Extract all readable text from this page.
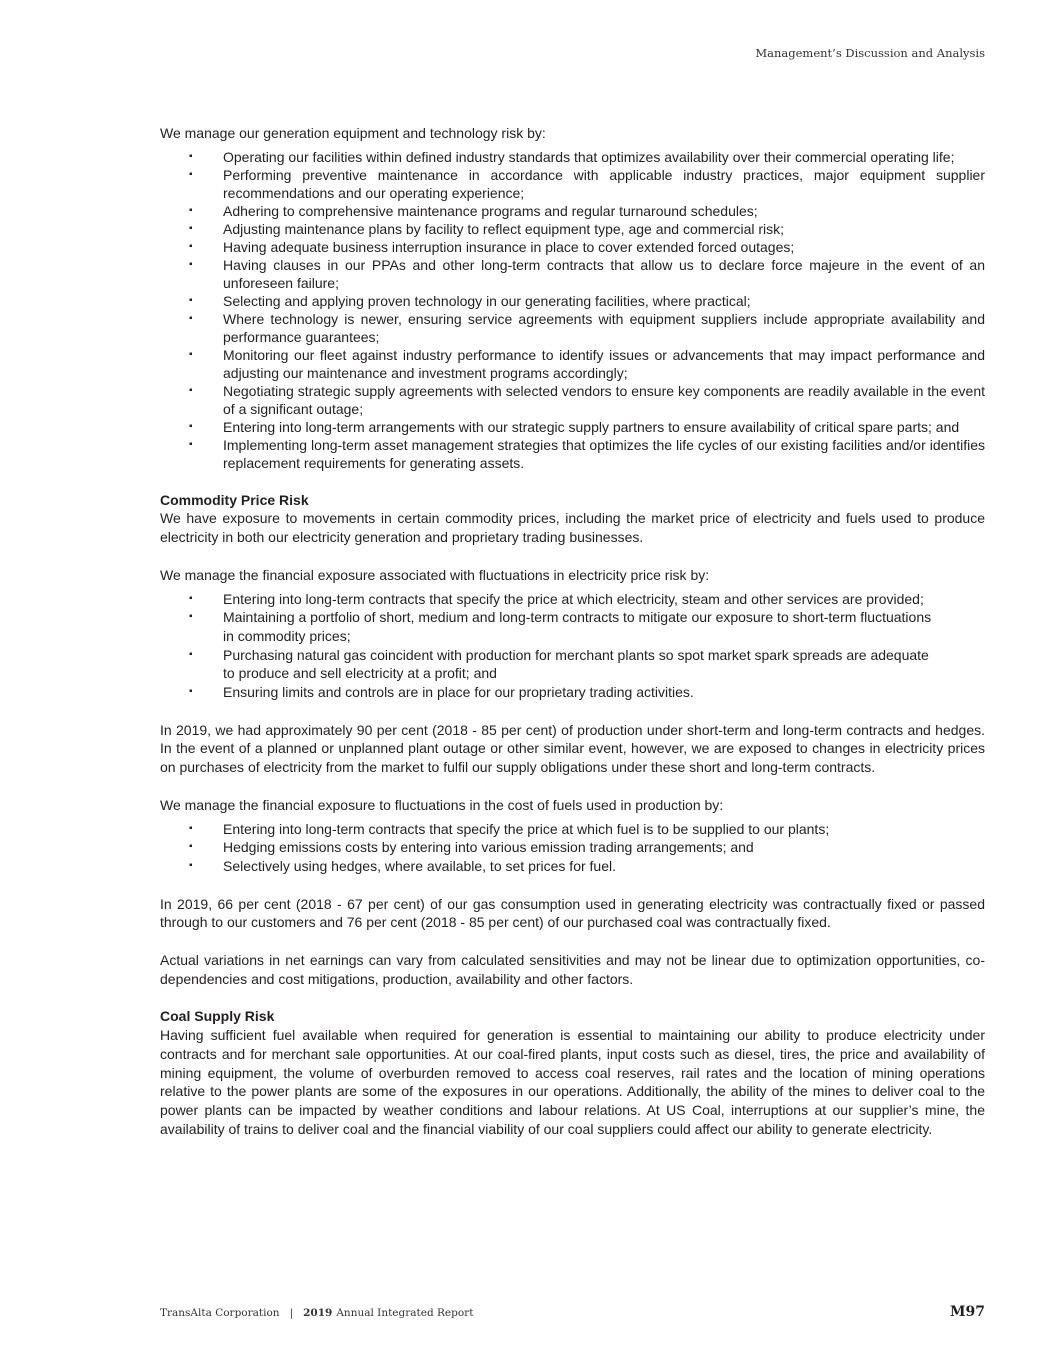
Management’s Discussion and Analysis

We manage our generation equipment and technology risk by:

▪ Operating our facilities within defined industry standards that optimizes availability over their commercial operating life;
▪ Performing preventive maintenance in accordance with applicable industry practices, major equipment supplier recommendations and our operating experience;
▪ Adhering to comprehensive maintenance programs and regular turnaround schedules;
▪ Adjusting maintenance plans by facility to reflect equipment type, age and commercial risk;
▪ Having adequate business interruption insurance in place to cover extended forced outages;
▪ Having clauses in our PPAs and other long-term contracts that allow us to declare force majeure in the event of an unforeseen failure;
▪ Selecting and applying proven technology in our generating facilities, where practical;
▪ Where technology is newer, ensuring service agreements with equipment suppliers include appropriate availability and performance guarantees;
▪ Monitoring our fleet against industry performance to identify issues or advancements that may impact performance and adjusting our maintenance and investment programs accordingly;
▪ Negotiating strategic supply agreements with selected vendors to ensure key components are readily available in the event of a significant outage;
▪ Entering into long-term arrangements with our strategic supply partners to ensure availability of critical spare parts; and
▪ Implementing long-term asset management strategies that optimizes the life cycles of our existing facilities and/or identifies replacement requirements for generating assets.
Commodity Price Risk

We have exposure to movements in certain commodity prices, including the market price of electricity and fuels used to produce electricity in both our electricity generation and proprietary trading businesses.

We manage the financial exposure associated with fluctuations in electricity price risk by:

▪ Entering into long-term contracts that specify the price at which electricity, steam and other services are provided;
▪ Maintaining a portfolio of short, medium and long-term contracts to mitigate our exposure to short-term fluctuations in commodity prices;
▪ Purchasing natural gas coincident with production for merchant plants so spot market spark spreads are adequate to produce and sell electricity at a profit; and
▪ Ensuring limits and controls are in place for our proprietary trading activities.

In 2019, we had approximately 90 per cent (2018 - 85 per cent) of production under short-term and long-term contracts and hedges. In the event of a planned or unplanned plant outage or other similar event, however, we are exposed to changes in electricity prices on purchases of electricity from the market to fulfil our supply obligations under these short and long-term contracts.

We manage the financial exposure to fluctuations in the cost of fuels used in production by:

▪ Entering into long-term contracts that specify the price at which fuel is to be supplied to our plants;
▪ Hedging emissions costs by entering into various emission trading arrangements; and
▪ Selectively using hedges, where available, to set prices for fuel.

In 2019, 66 per cent (2018 - 67 per cent) of our gas consumption used in generating electricity was contractually fixed or passed through to our customers and 76 per cent (2018 - 85 per cent) of our purchased coal was contractually fixed.

Actual variations in net earnings can vary from calculated sensitivities and may not be linear due to optimization opportunities, co-dependencies and cost mitigations, production, availability and other factors.

Coal Supply Risk

Having sufficient fuel available when required for generation is essential to maintaining our ability to produce electricity under contracts and for merchant sale opportunities. At our coal-fired plants, input costs such as diesel, tires, the price and availability of mining equipment, the volume of overburden removed to access coal reserves, rail rates and the location of mining operations relative to the power plants are some of the exposures in our operations. Additionally, the ability of the mines to deliver coal to the power plants can be impacted by weather conditions and labour relations. At US Coal, interruptions at our supplier’s mine, the availability of trains to deliver coal and the financial viability of our coal suppliers could affect our ability to generate electricity.

TransAlta Corporation | 2019 Annual Integrated Report	M97
